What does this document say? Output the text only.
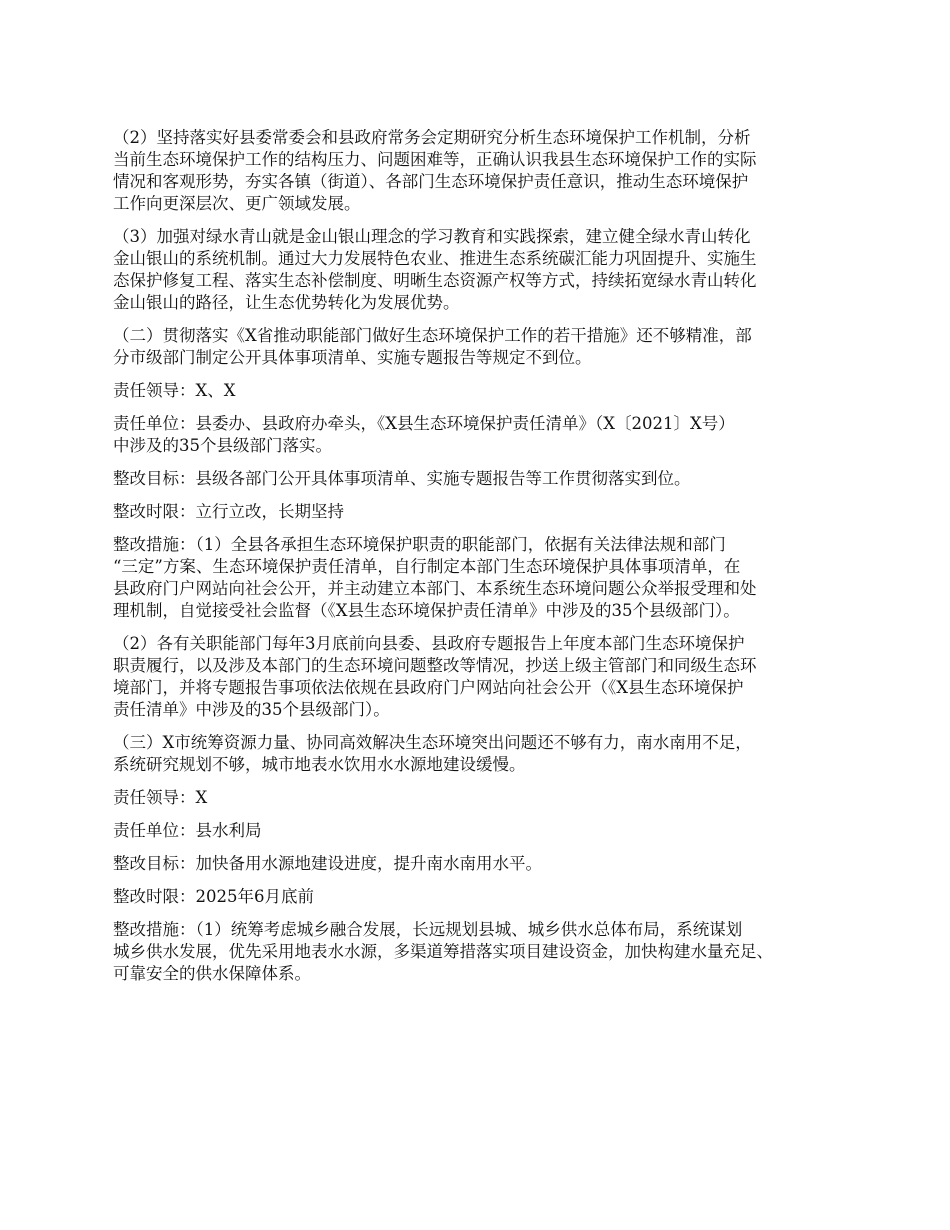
（2）坚持落实好县委常委会和县政府常务会定期研究分析生态环境保护工作机制，分析
当前生态环境保护工作的结构压力、问题困难等，正确认识我县生态环境保护工作的实际
情况和客观形势，夯实各镇（街道）、各部门生态环境保护责任意识，推动生态环境保护
工作向更深层次、更广领域发展。

（3）加强对绿水青山就是金山银山理念的学习教育和实践探索，建立健全绿水青山转化
金山银山的系统机制。通过大力发展特色农业、推进生态系统碳汇能力巩固提升、实施生
态保护修复工程、落实生态补偿制度、明晰生态资源产权等方式，持续拓宽绿水青山转化
金山银山的路径，让生态优势转化为发展优势。

（二）贯彻落实《X省推动职能部门做好生态环境保护工作的若干措施》还不够精准，部
分市级部门制定公开具体事项清单、实施专题报告等规定不到位。

责任领导：X、X

责任单位：县委办、县政府办牵头，《X县生态环境保护责任清单》（X〔2021〕X号）
中涉及的35个县级部门落实。

整改目标：县级各部门公开具体事项清单、实施专题报告等工作贯彻落实到位。

整改时限：立行立改，长期坚持

整改措施：（1）全县各承担生态环境保护职责的职能部门，依据有关法律法规和部门
“三定”方案、生态环境保护责任清单，自行制定本部门生态环境保护具体事项清单，在
县政府门户网站向社会公开，并主动建立本部门、本系统生态环境问题公众举报受理和处
理机制，自觉接受社会监督（《X县生态环境保护责任清单》中涉及的35个县级部门）。

（2）各有关职能部门每年3月底前向县委、县政府专题报告上年度本部门生态环境保护
职责履行，以及涉及本部门的生态环境问题整改等情况，抄送上级主管部门和同级生态环
境部门，并将专题报告事项依法依规在县政府门户网站向社会公开（《X县生态环境保护
责任清单》中涉及的35个县级部门）。

（三）X市统筹资源力量、协同高效解决生态环境突出问题还不够有力，南水南用不足，
系统研究规划不够，城市地表水饮用水水源地建设缓慢。

责任领导：X

责任单位：县水利局

整改目标：加快备用水源地建设进度，提升南水南用水平。

整改时限：2025年6月底前

整改措施：（1）统筹考虑城乡融合发展，长远规划县城、城乡供水总体布局，系统谋划
城乡供水发展，优先采用地表水水源，多渠道筹措落实项目建设资金，加快构建水量充足、
可靠安全的供水保障体系。
